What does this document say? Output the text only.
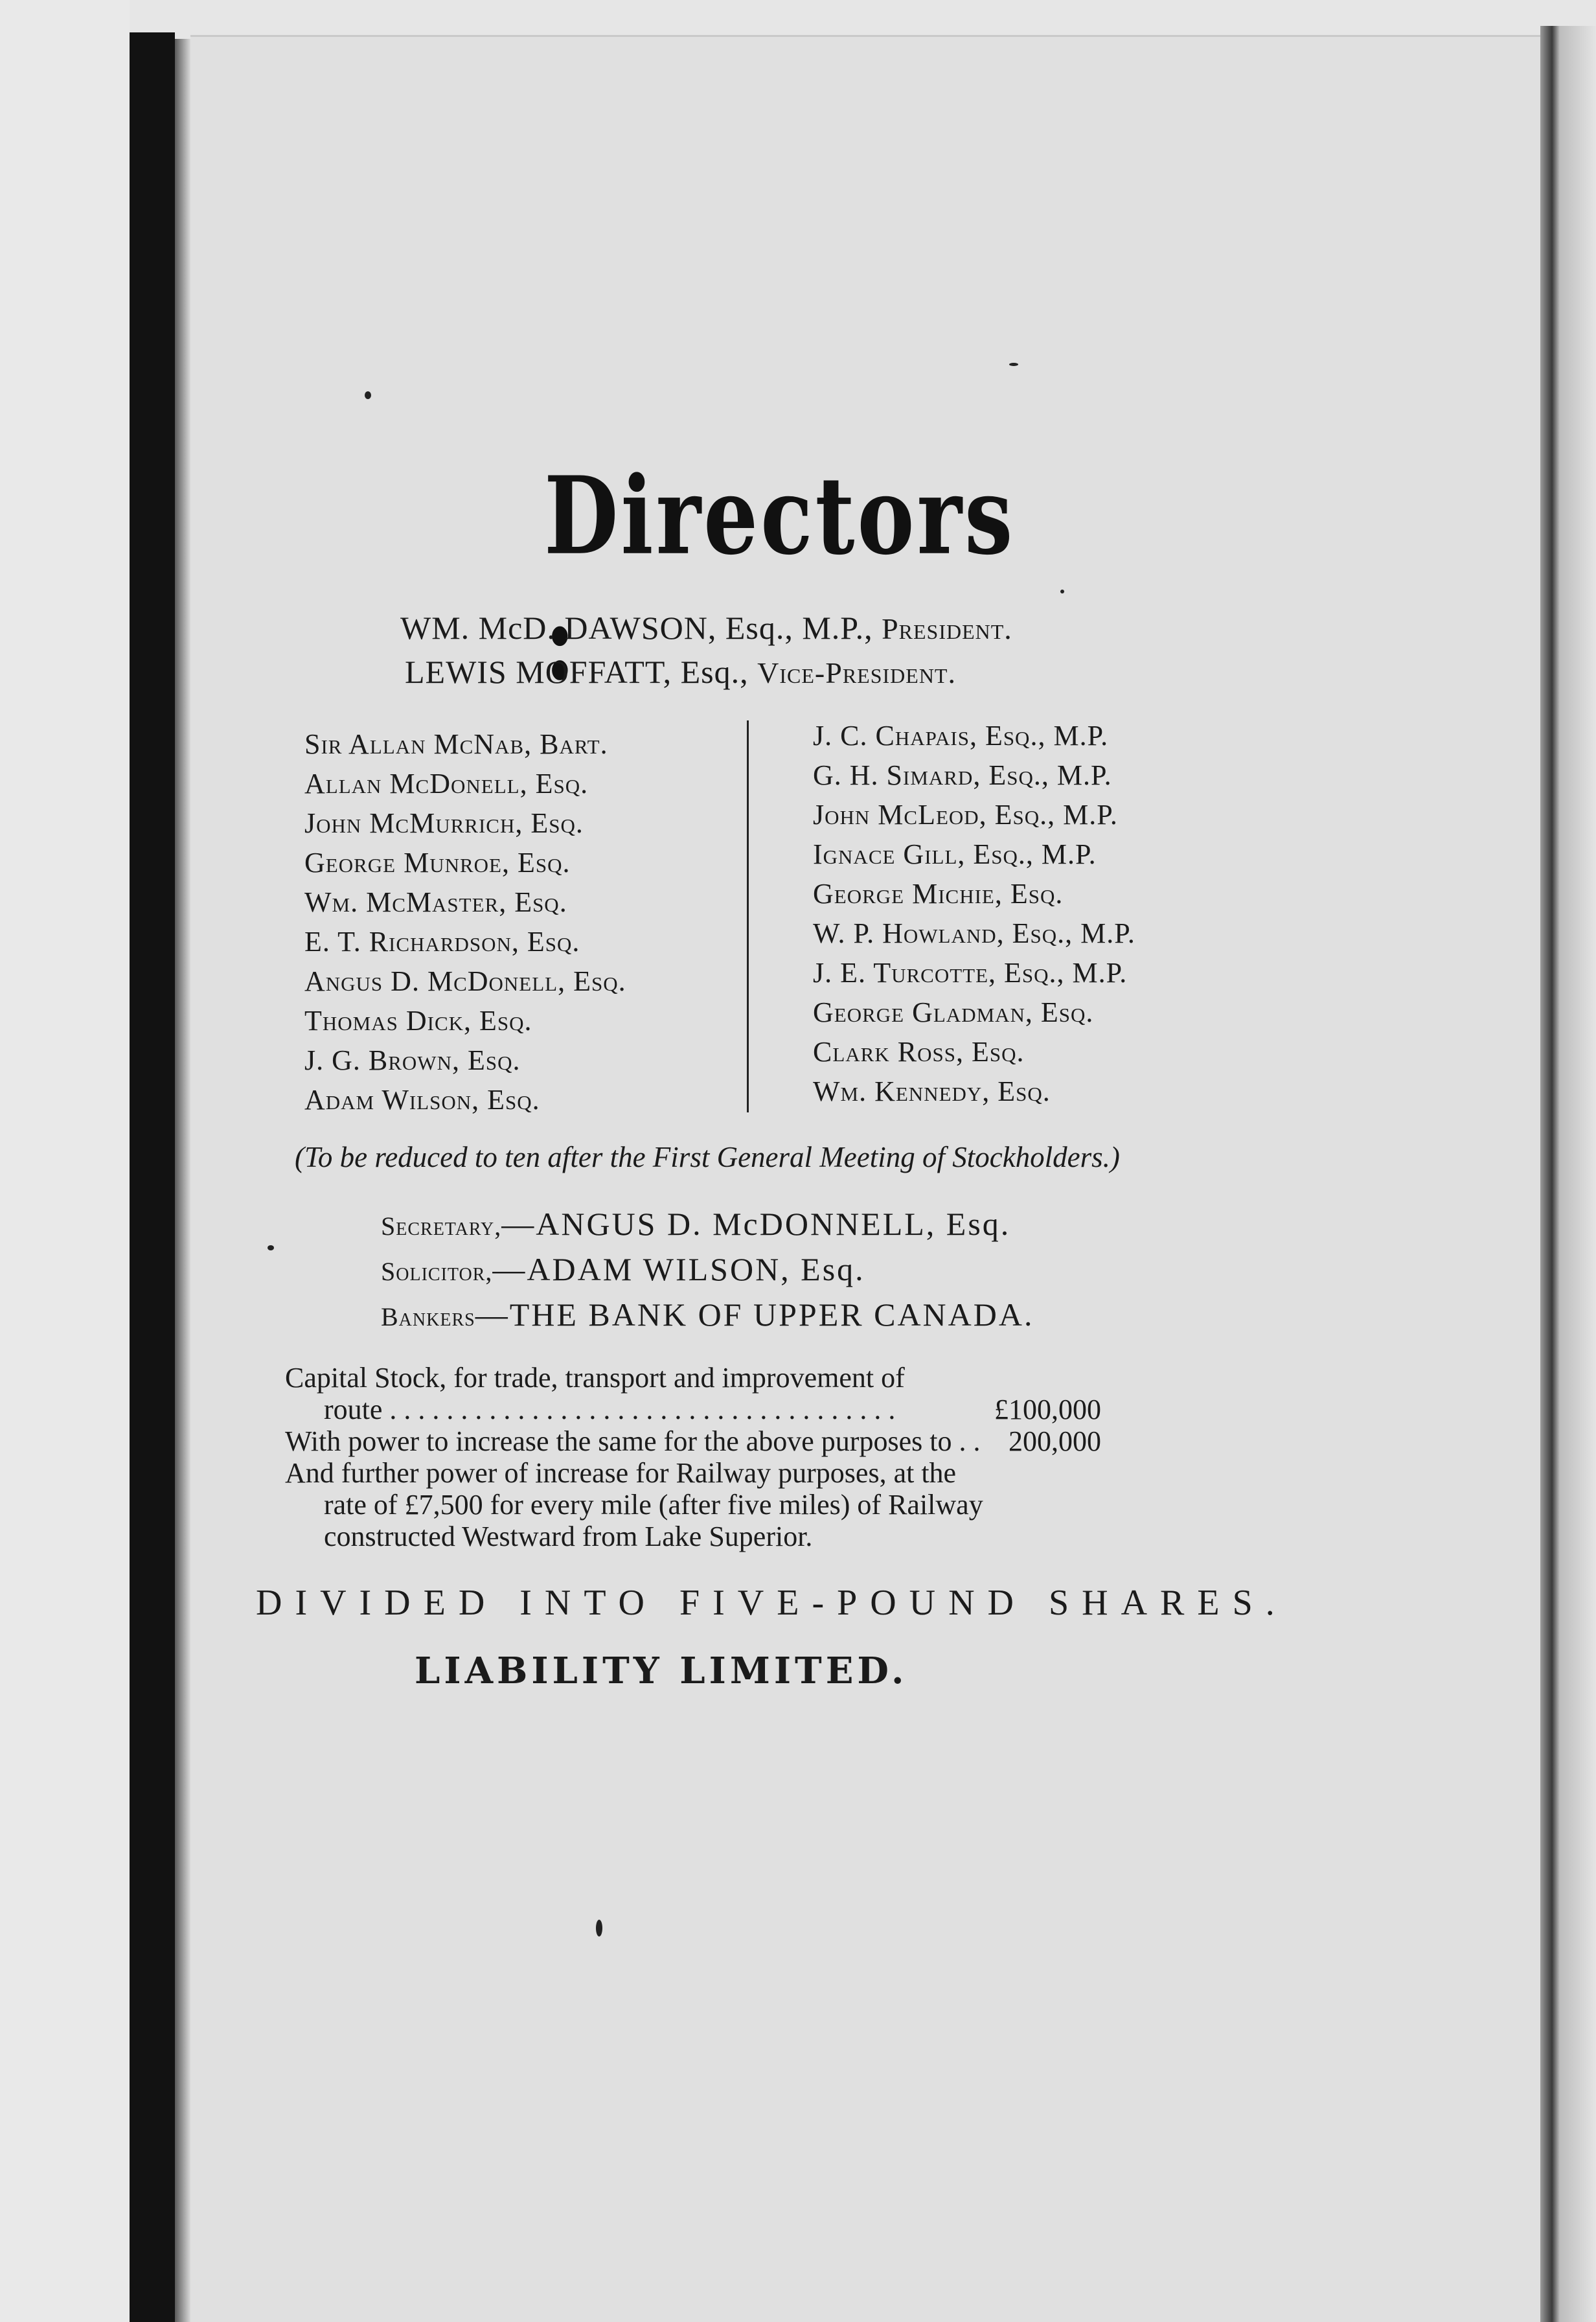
Directors :
WM. McD. DAWSON, Esq., M.P., President.
LEWIS MOFFATT, Esq., Vice-President.
Sir Allan McNab, Bart.
Allan McDonell, Esq.
John McMurrich, Esq.
George Munroe, Esq.
Wm. McMaster, Esq.
E. T. Richardson, Esq.
Angus D. McDonell, Esq.
Thomas Dick, Esq.
J. G. Brown, Esq.
Adam Wilson, Esq.
J. C. Chapais, Esq., M.P.
G. H. Simard, Esq., M.P.
John McLeod, Esq., M.P.
Ignace Gill, Esq., M.P.
George Michie, Esq.
W. P. Howland, Esq., M.P.
J. E. Turcotte, Esq., M.P.
George Gladman, Esq.
Clark Ross, Esq.
Wm. Kennedy, Esq.
(To be reduced to ten after the First General Meeting of Stockholders.)
Secretary,—ANGUS D. McDONNELL, Esq.
Solicitor,—ADAM WILSON, Esq.
Bankers—THE BANK OF UPPER CANADA.
Capital Stock, for trade, transport and improvement of
route . . . . . . . . . . . . . . . . . . . . . . . . . . . . . . . . . . . .	£100,000
With power to increase the same for the above purposes to . . 200,000
And further power of increase for Railway purposes, at the
rate of £7,500 for every mile (after five miles) of Railway
constructed Westward from Lake Superior.
DIVIDED INTO FIVE-POUND SHARES.
LIABILITY LIMITED.
